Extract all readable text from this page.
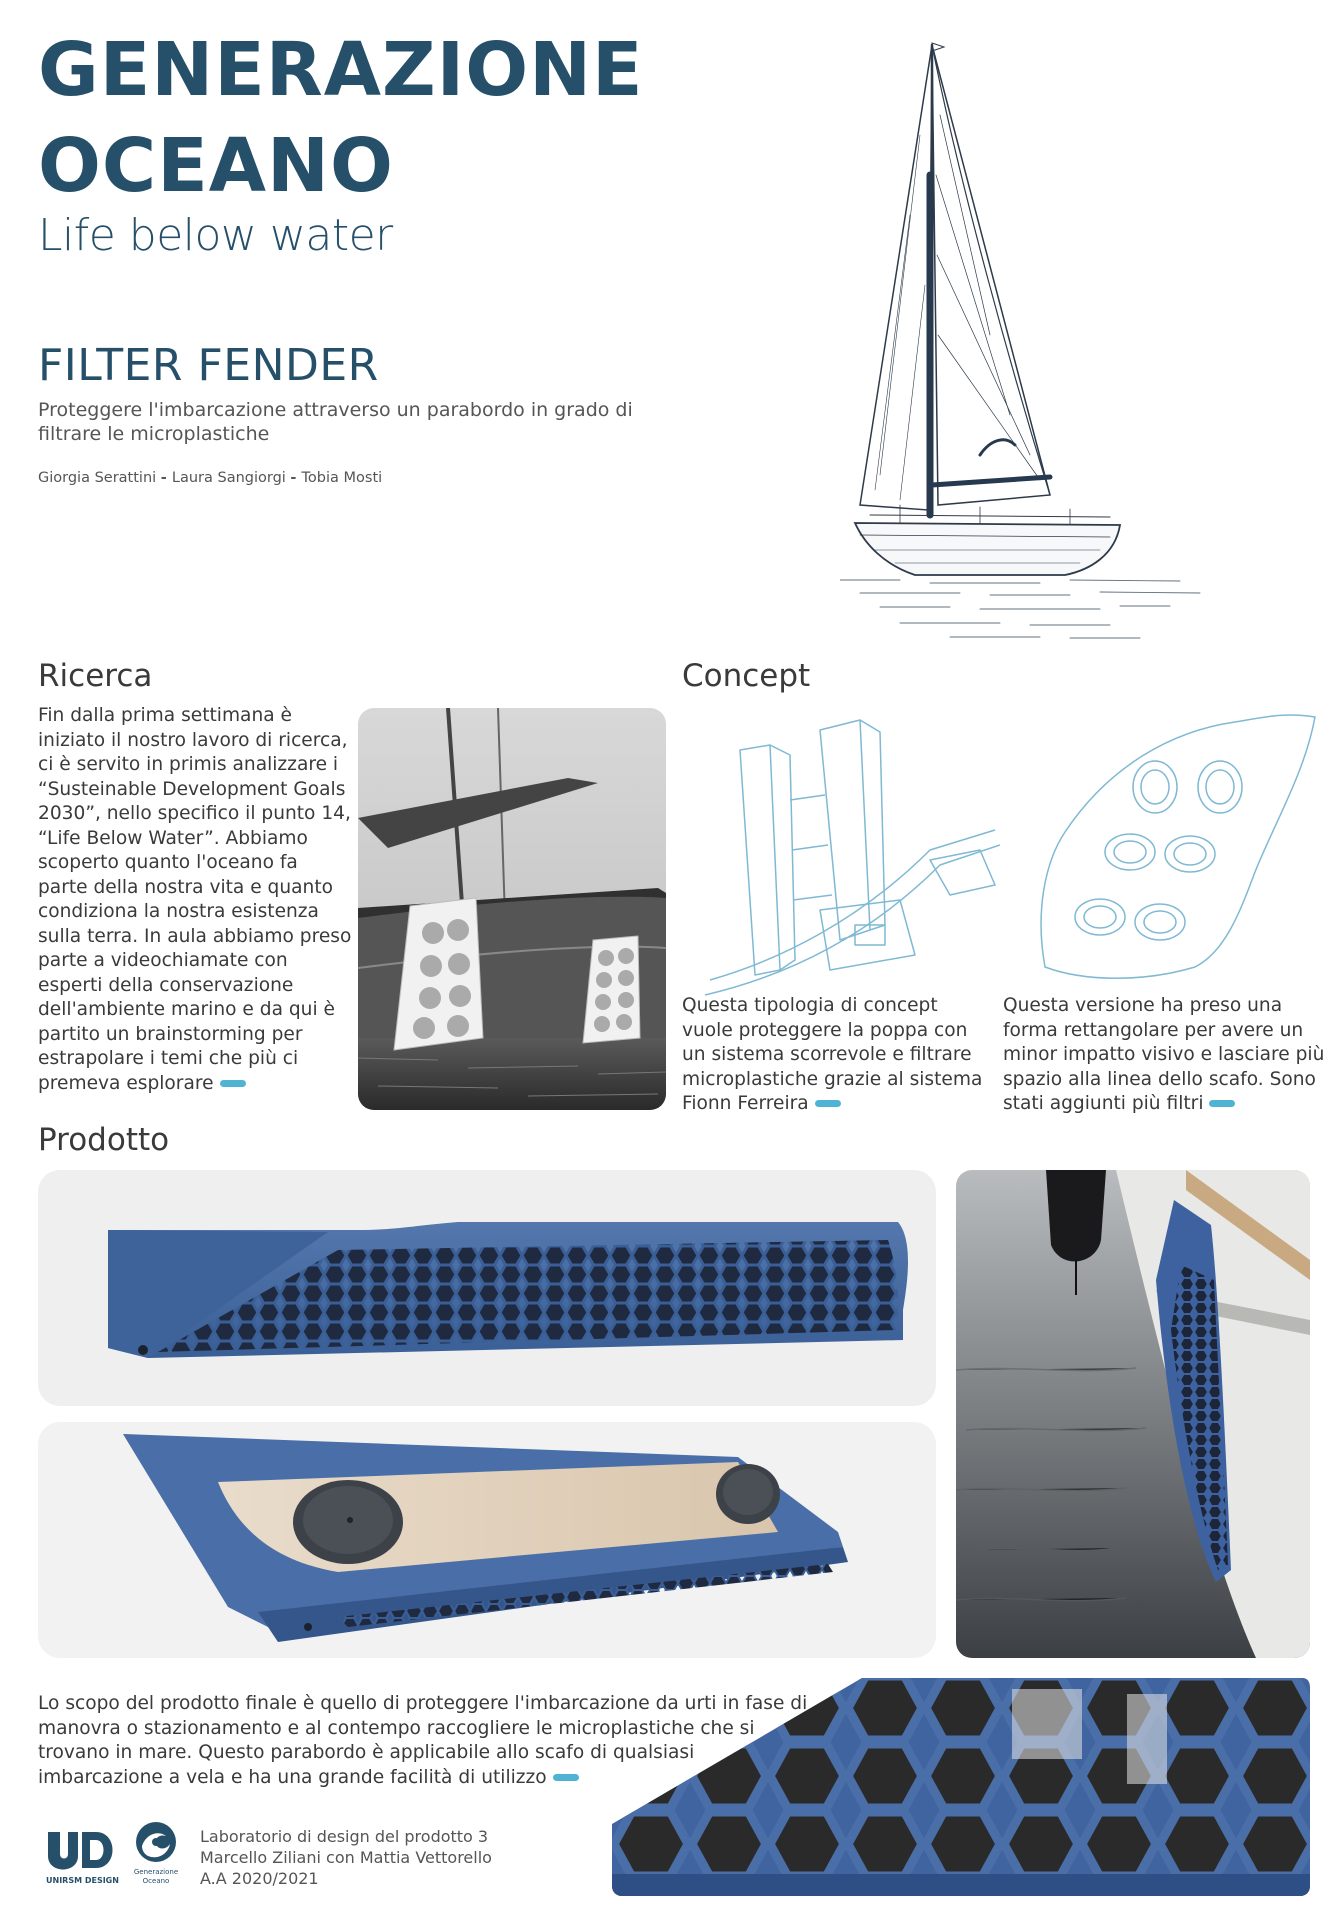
GENERAZIONE
OCEANO
Life below water
FILTER FENDER
Proteggere l'imbarcazione attraverso un parabordo in grado di filtrare le microplastiche
Giorgia Serattini - Laura Sangiorgi - Tobia Mosti
Ricerca
Fin dalla prima settimana è iniziato il nostro lavoro di ricerca, ci è servito in primis analizzare i “Susteinable Development Goals 2030”, nello specifico il punto 14, “Life Below Water”. Abbiamo scoperto quanto l'oceano fa parte della nostra vita e quanto condiziona la nostra esistenza sulla terra. In aula abbiamo preso parte a videochiamate con esperti della conservazione dell'ambiente marino e da qui è partito un brainstorming per estrapolare i temi che più ci premeva esplorare
Concept
Questa tipologia di concept vuole proteggere la poppa con un sistema scorrevole e filtrare microplastiche grazie al sistema Fionn Ferreira
Questa versione ha preso una forma rettangolare per avere un minor impatto visivo e lasciare più spazio alla linea dello scafo. Sono stati aggiunti più filtri
Prodotto
Lo scopo del prodotto finale è quello di proteggere l'imbarcazione da urti in fase di manovra o stazionamento e al contempo raccogliere le microplastiche che si trovano in mare. Questo parabordo è applicabile allo scafo di qualsiasi imbarcazione a vela e ha una grande facilità di utilizzo
UNIRSM DESIGN
Generazione
Oceano
Laboratorio di design del prodotto 3
Marcello Ziliani con Mattia Vettorello
A.A 2020/2021
